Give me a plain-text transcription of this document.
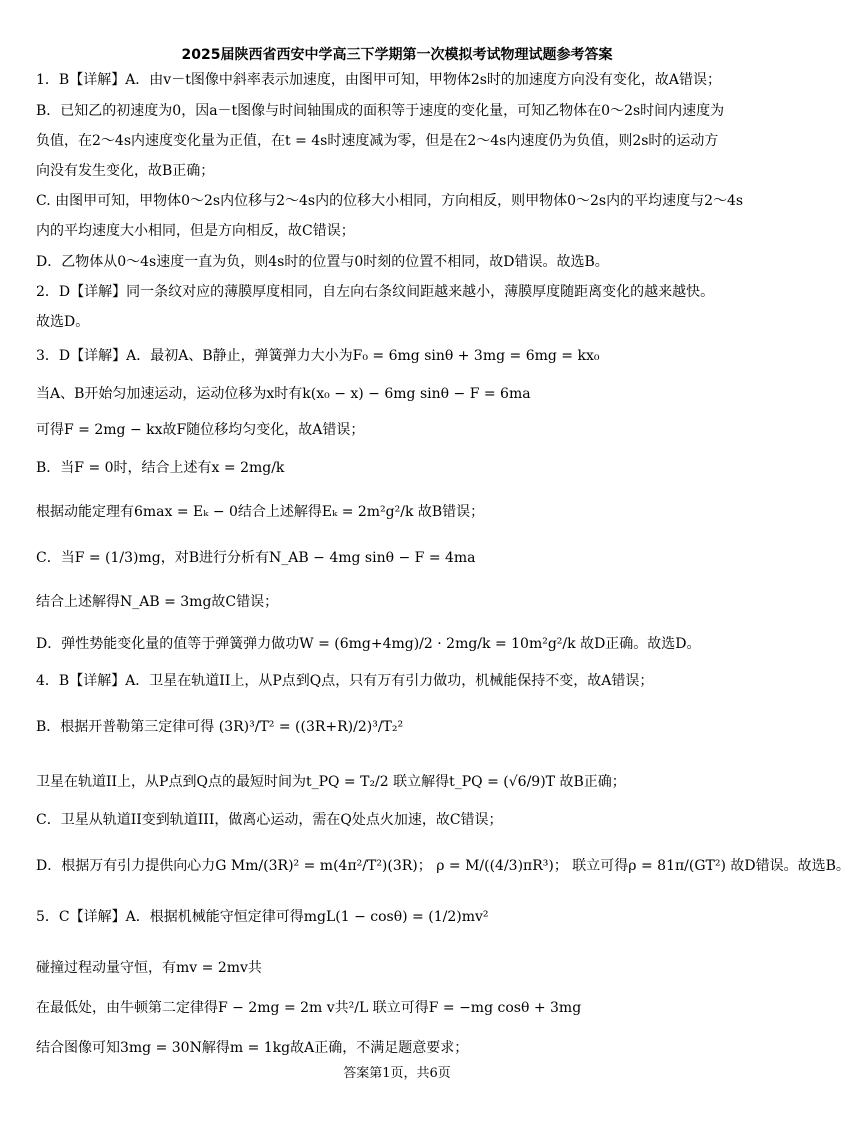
2025届陕西省西安中学高三下学期第一次模拟考试物理试题参考答案
1．B【详解】A．由v－t图像中斜率表示加速度，由图甲可知，甲物体2s时的加速度方向没有变化，故A错误；
B．已知乙的初速度为0，因a－t图像与时间轴围成的面积等于速度的变化量，可知乙物体在0～2s时间内速度为
负值，在2～4s内速度变化量为正值，在t = 4s时速度减为零，但是在2～4s内速度仍为负值，则2s时的运动方
向没有发生变化，故B正确；
C. 由图甲可知，甲物体0～2s内位移与2～4s内的位移大小相同，方向相反，则甲物体0～2s内的平均速度与2～4s
内的平均速度大小相同，但是方向相反，故C错误；
D．乙物体从0～4s速度一直为负，则4s时的位置与0时刻的位置不相同，故D错误。故选B。
2．D【详解】同一条纹对应的薄膜厚度相同，自左向右条纹间距越来越小，薄膜厚度随距离变化的越来越快。
故选D。
3．D【详解】A．最初A、B静止，弹簧弹力大小为F₀ = 6mg sinθ + 3mg = 6mg = kx₀
当A、B开始匀加速运动，运动位移为x时有k(x₀ − x) − 6mg sinθ − F = 6ma
可得F = 2mg − kx故F随位移均匀变化，故A错误；
B．当F = 0时，结合上述有x = 2mg/k
根据动能定理有6max = Eₖ − 0结合上述解得Eₖ = 2m²g²/k 故B错误；
C．当F = (1/3)mg，对B进行分析有N_AB − 4mg sinθ − F = 4ma
结合上述解得N_AB = 3mg故C错误；
D．弹性势能变化量的值等于弹簧弹力做功W = (6mg+4mg)/2 · 2mg/k = 10m²g²/k 故D正确。故选D。
4．B【详解】A．卫星在轨道II上，从P点到Q点，只有万有引力做功，机械能保持不变，故A错误；
B．根据开普勒第三定律可得 (3R)³/T² = ((3R+R)/2)³/T₂²
卫星在轨道II上，从P点到Q点的最短时间为t_PQ = T₂/2 联立解得t_PQ = (√6/9)T 故B正确；
C．卫星从轨道II变到轨道III，做离心运动，需在Q处点火加速，故C错误；
D．根据万有引力提供向心力G Mm/(3R)² = m(4π²/T²)(3R)； ρ = M/((4/3)πR³)； 联立可得ρ = 81π/(GT²) 故D错误。故选B。
5．C【详解】A．根据机械能守恒定律可得mgL(1 − cosθ) = (1/2)mv²
碰撞过程动量守恒，有mv = 2mv共
在最低处，由牛顿第二定律得F − 2mg = 2m v共²/L 联立可得F = −mg cosθ + 3mg
结合图像可知3mg = 30N解得m = 1kg故A正确，不满足题意要求；
答案第1页，共6页
